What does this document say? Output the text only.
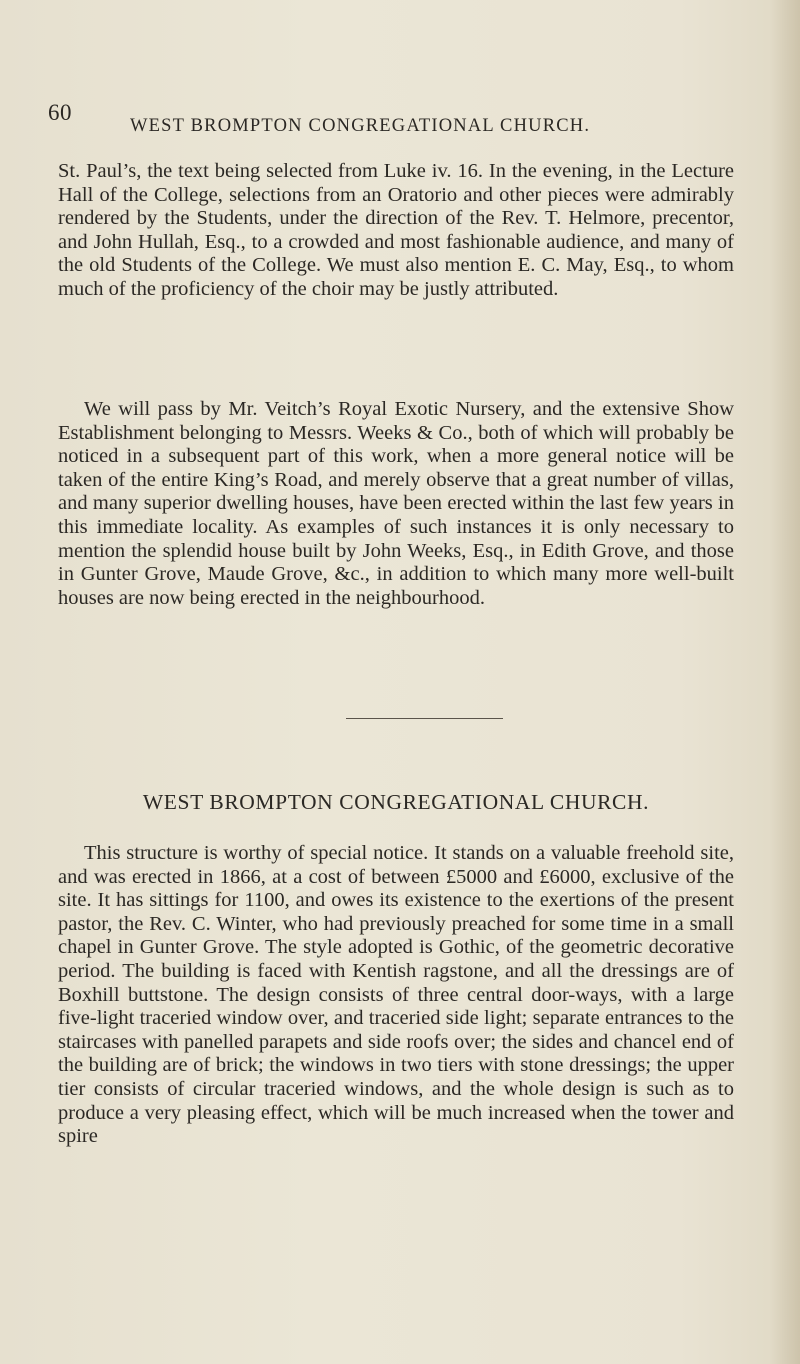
60
WEST BROMPTON CONGREGATIONAL CHURCH.

St. Paul’s, the text being selected from Luke iv. 16. In the evening, in the Lecture Hall of the College, selections from an Oratorio and other pieces were admirably rendered by the Students, under the direction of the Rev. T. Helmore, precentor, and John Hullah, Esq., to a crowded and most fashionable audience, and many of the old Students of the College. We must also mention E. C. May, Esq., to whom much of the proficiency of the choir may be justly attributed.

We will pass by Mr. Veitch’s Royal Exotic Nursery, and the extensive Show Establishment belonging to Messrs. Weeks & Co., both of which will probably be noticed in a subsequent part of this work, when a more general notice will be taken of the entire King’s Road, and merely observe that a great number of villas, and many superior dwelling houses, have been erected within the last few years in this immediate locality. As examples of such instances it is only necessary to mention the splendid house built by John Weeks, Esq., in Edith Grove, and those in Gunter Grove, Maude Grove, &c., in addition to which many more well-built houses are now being erected in the neighbourhood.

WEST BROMPTON CONGREGATIONAL CHURCH.

This structure is worthy of special notice. It stands on a valuable freehold site, and was erected in 1866, at a cost of between £5000 and £6000, exclusive of the site. It has sittings for 1100, and owes its existence to the exertions of the present pastor, the Rev. C. Winter, who had previously preached for some time in a small chapel in Gunter Grove. The style adopted is Gothic, of the geometric decorative period. The building is faced with Kentish ragstone, and all the dressings are of Boxhill buttstone. The design consists of three central door-ways, with a large five-light traceried window over, and traceried side light; separate entrances to the staircases with panelled parapets and side roofs over; the sides and chancel end of the building are of brick; the windows in two tiers with stone dressings; the upper tier consists of circular traceried windows, and the whole design is such as to produce a very pleasing effect, which will be much increased when the tower and spire
